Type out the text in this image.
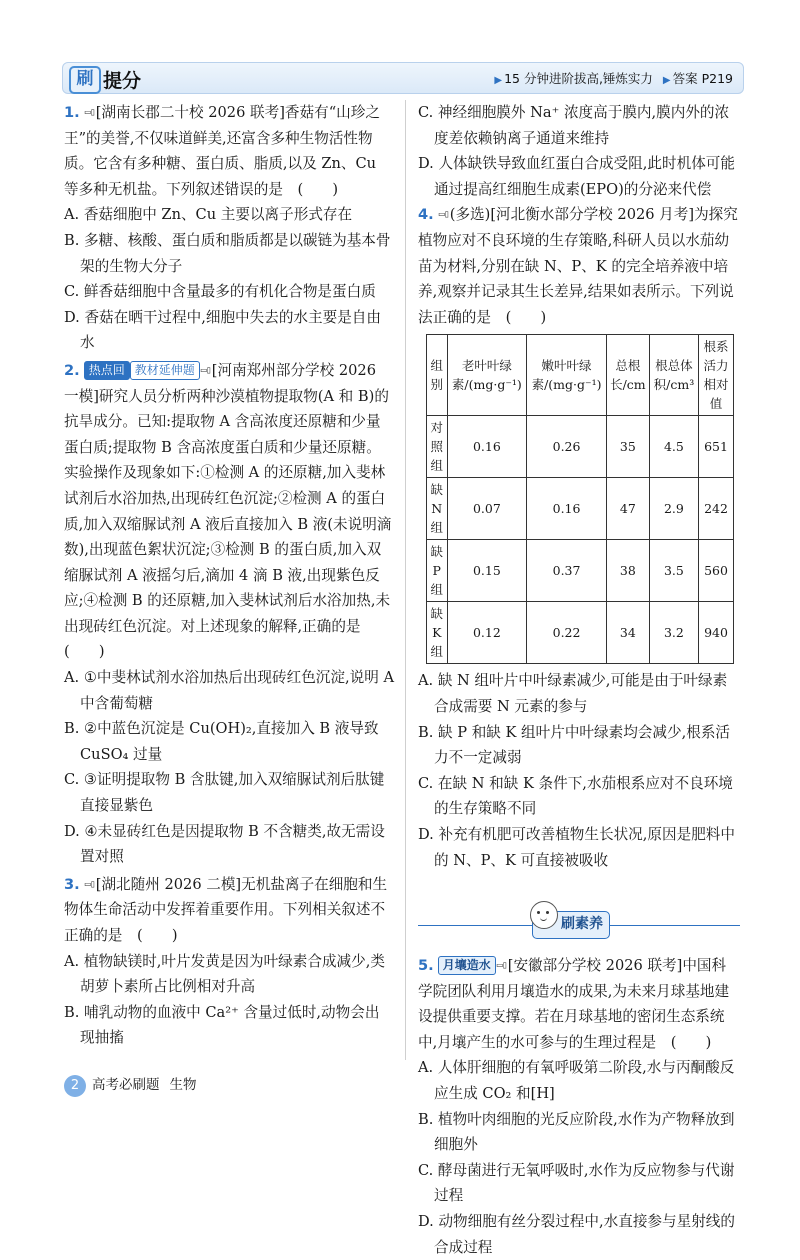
刷 提分	▶ 15 分钟进阶拔高,锤炼实力 ▶ 答案 P219

1. ▭▯[湖南长郡二十校 2026 联考]香菇有“山珍之王”的美誉,不仅味道鲜美,还富含多种生物活性物质。它含有多种糖、蛋白质、脂质,以及 Zn、Cu 等多种无机盐。下列叙述错误的是　(　　)

A. 香菇细胞中 Zn、Cu 主要以离子形式存在

B. 多糖、核酸、蛋白质和脂质都是以碳链为基本骨架的生物大分子

C. 鲜香菇细胞中含量最多的有机化合物是蛋白质

D. 香菇在晒干过程中,细胞中失去的水主要是自由水

2. 热点回 教材延伸题 ▭▯[河南郑州部分学校 2026 一模]研究人员分析两种沙漠植物提取物(A 和 B)的抗旱成分。已知:提取物 A 含高浓度还原糖和少量蛋白质;提取物 B 含高浓度蛋白质和少量还原糖。实验操作及现象如下:①检测 A 的还原糖,加入斐林试剂后水浴加热,出现砖红色沉淀;②检测 A 的蛋白质,加入双缩脲试剂 A 液后直接加入 B 液(未说明滴数),出现蓝色絮状沉淀;③检测 B 的蛋白质,加入双缩脲试剂 A 液摇匀后,滴加 4 滴 B 液,出现紫色反应;④检测 B 的还原糖,加入斐林试剂后水浴加热,未出现砖红色沉淀。对上述现象的解释,正确的是(　　)

A. ①中斐林试剂水浴加热后出现砖红色沉淀,说明 A 中含葡萄糖

B. ②中蓝色沉淀是 Cu(OH)₂,直接加入 B 液导致 CuSO₄ 过量

C. ③证明提取物 B 含肽键,加入双缩脲试剂后肽键直接显紫色

D. ④未显砖红色是因提取物 B 不含糖类,故无需设置对照

3. ▭▯[湖北随州 2026 二模]无机盐离子在细胞和生物体生命活动中发挥着重要作用。下列相关叙述不正确的是　(　　)

A. 植物缺镁时,叶片发黄是因为叶绿素合成减少,类胡萝卜素所占比例相对升高

B. 哺乳动物的血液中 Ca²⁺ 含量过低时,动物会出现抽搐

C. 神经细胞膜外 Na⁺ 浓度高于膜内,膜内外的浓度差依赖钠离子通道来维持

D. 人体缺铁导致血红蛋白合成受阻,此时机体可能通过提高红细胞生成素(EPO)的分泌来代偿

4. ▭▯(多选)[河北衡水部分学校 2026 月考]为探究植物应对不良环境的生存策略,科研人员以水茄幼苗为材料,分别在缺 N、P、K 的完全培养液中培养,观察并记录其生长差异,结果如表所示。下列说法正确的是　(　　)

组别	老叶叶绿素/(mg·g⁻¹)	嫩叶叶绿素/(mg·g⁻¹)	总根长/cm	根总体积/cm³	根系活力相对值
对照组	0.16	0.26	35	4.5	651
缺 N 组	0.07	0.16	47	2.9	242
缺 P 组	0.15	0.37	38	3.5	560
缺 K 组	0.12	0.22	34	3.2	940

A. 缺 N 组叶片中叶绿素减少,可能是由于叶绿素合成需要 N 元素的参与

B. 缺 P 和缺 K 组叶片中叶绿素均会减少,根系活力不一定减弱

C. 在缺 N 和缺 K 条件下,水茄根系应对不良环境的生存策略不同

D. 补充有机肥可改善植物生长状况,原因是肥料中的 N、P、K 可直接被吸收

刷素养

5. 月壤造水 ▭▯[安徽部分学校 2026 联考]中国科学院团队利用月壤造水的成果,为未来月球基地建设提供重要支撑。若在月球基地的密闭生态系统中,月壤产生的水可参与的生理过程是　(　　)

A. 人体肝细胞的有氧呼吸第二阶段,水与丙酮酸反应生成 CO₂ 和[H]

B. 植物叶肉细胞的光反应阶段,水作为产物释放到细胞外

C. 酵母菌进行无氧呼吸时,水作为反应物参与代谢过程

D. 动物细胞有丝分裂过程中,水直接参与星射线的合成过程

2 高考必刷题 生物
